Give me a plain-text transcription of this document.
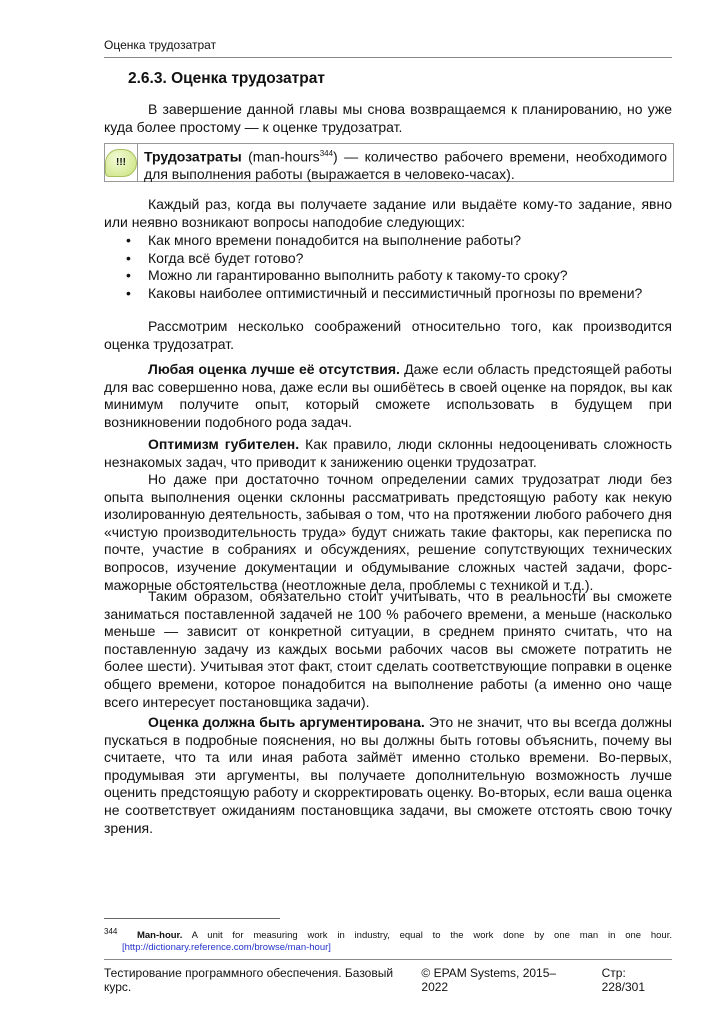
Оценка трудозатрат
2.6.3. Оценка трудозатрат

В завершение данной главы мы снова возвращаемся к планированию, но уже куда более простому — к оценке трудозатрат.

!!!	Трудозатраты (man-hours$^{344}$) — количество рабочего времени, необходимого для выполнения работы (выражается в человеко-часах).

Каждый раз, когда вы получаете задание или выдаёте кому-то задание, явно или неявно возникают вопросы наподобие следующих:

• Как много времени понадобится на выполнение работы?
• Когда всё будет готово?
• Можно ли гарантированно выполнить работу к такому-то сроку?
• Каковы наиболее оптимистичный и пессимистичный прогнозы по времени?

Рассмотрим несколько соображений относительно того, как производится оценка трудозатрат.

Любая оценка лучше её отсутствия. Даже если область предстоящей работы для вас совершенно нова, даже если вы ошибётесь в своей оценке на порядок, вы как минимум получите опыт, который сможете использовать в будущем при возникновении подобного рода задач.

Оптимизм губителен. Как правило, люди склонны недооценивать сложность незнакомых задач, что приводит к занижению оценки трудозатрат.

Но даже при достаточно точном определении самих трудозатрат люди без опыта выполнения оценки склонны рассматривать предстоящую работу как некую изолированную деятельность, забывая о том, что на протяжении любого рабочего дня «чистую производительность труда» будут снижать такие факторы, как переписка по почте, участие в собраниях и обсуждениях, решение сопутствующих технических вопросов, изучение документации и обдумывание сложных частей задачи, форс-мажорные обстоятельства (неотложные дела, проблемы с техникой и т.д.).

Таким образом, обязательно стоит учитывать, что в реальности вы сможете заниматься поставленной задачей не 100 % рабочего времени, а меньше (насколько меньше — зависит от конкретной ситуации, в среднем принято считать, что на поставленную задачу из каждых восьми рабочих часов вы сможете потратить не более шести). Учитывая этот факт, стоит сделать соответствующие поправки в оценке общего времени, которое понадобится на выполнение работы (а именно оно чаще всего интересует постановщика задачи).

Оценка должна быть аргументирована. Это не значит, что вы всегда должны пускаться в подробные пояснения, но вы должны быть готовы объяснить, почему вы считаете, что та или иная работа займёт именно столько времени. Во-первых, продумывая эти аргументы, вы получаете дополнительную возможность лучше оценить предстоящую работу и скорректировать оценку. Во-вторых, если ваша оценка не соответствует ожиданиям постановщика задачи, вы сможете отстоять свою точку зрения.

$^{344}$ Man-hour. A unit for measuring work in industry, equal to the work done by one man in one hour. [http://dictionary.reference.com/browse/man-hour]
Тестирование программного обеспечения. Базовый курс.
© EPAM Systems, 2015–2022
Стр: 228/301
